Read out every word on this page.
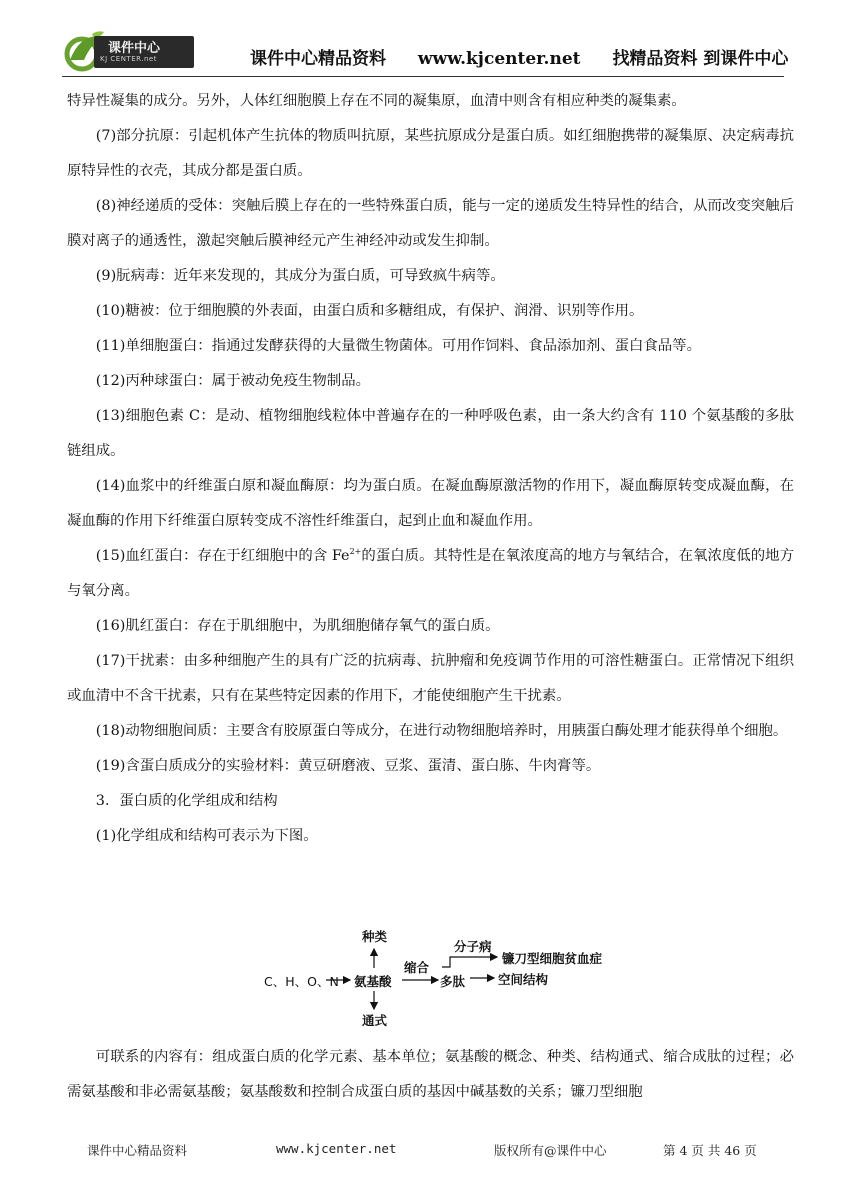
课件中心
KJ CENTER.net	课件中心精品资料 www.kjcenter.net 找精品资料 到课件中心

特异性凝集的成分。另外，人体红细胞膜上存在不同的凝集原，血清中则含有相应种类的凝集素。

(7)部分抗原：引起机体产生抗体的物质叫抗原，某些抗原成分是蛋白质。如红细胞携带的凝集原、决定病毒抗原特异性的衣壳，其成分都是蛋白质。

(8)神经递质的受体：突触后膜上存在的一些特殊蛋白质，能与一定的递质发生特异性的结合，从而改变突触后膜对离子的通透性，激起突触后膜神经元产生神经冲动或发生抑制。

(9)朊病毒：近年来发现的，其成分为蛋白质，可导致疯牛病等。

(10)糖被：位于细胞膜的外表面，由蛋白质和多糖组成，有保护、润滑、识别等作用。

(11)单细胞蛋白：指通过发酵获得的大量微生物菌体。可用作饲料、食品添加剂、蛋白食品等。

(12)丙种球蛋白：属于被动免疫生物制品。

(13)细胞色素 C：是动、植物细胞线粒体中普遍存在的一种呼吸色素，由一条大约含有 110 个氨基酸的多肽链组成。

(14)血浆中的纤维蛋白原和凝血酶原：均为蛋白质。在凝血酶原激活物的作用下，凝血酶原转变成凝血酶，在凝血酶的作用下纤维蛋白原转变成不溶性纤维蛋白，起到止血和凝血作用。

(15)血红蛋白：存在于红细胞中的含 $Fe^{2+}$的蛋白质。其特性是在氧浓度高的地方与氧结合，在氧浓度低的地方与氧分离。

(16)肌红蛋白：存在于肌细胞中，为肌细胞储存氧气的蛋白质。

(17)干扰素：由多种细胞产生的具有广泛的抗病毒、抗肿瘤和免疫调节作用的可溶性糖蛋白。正常情况下组织或血清中不含干扰素，只有在某些特定因素的作用下，才能使细胞产生干扰素。

(18)动物细胞间质：主要含有胶原蛋白等成分，在进行动物细胞培养时，用胰蛋白酶处理才能获得单个细胞。

(19)含蛋白质成分的实验材料：黄豆研磨液、豆浆、蛋清、蛋白胨、牛肉膏等。

3．蛋白质的化学组成和结构

(1)化学组成和结构可表示为下图。

C、H、O、N 氨基酸
种类
通式
缩合
多肽
分子病
镰刀型细胞贫血症
空间结构

可联系的内容有：组成蛋白质的化学元素、基本单位；氨基酸的概念、种类、结构通式、缩合成肽的过程；必需氨基酸和非必需氨基酸；氨基酸数和控制合成蛋白质的基因中碱基数的关系；镰刀型细胞

课件中心精品资料	www.kjcenter.net	版权所有@课件中心	第 4 页 共 46 页
